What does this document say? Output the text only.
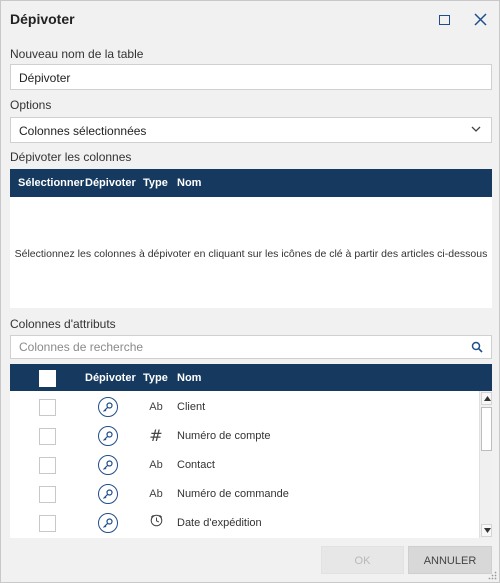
Dépivoter
Nouveau nom de la table
Dépivoter
Options
Colonnes sélectionnées
Dépivoter les colonnes
Sélectionner Dépivoter Type Nom
Sélectionnez les colonnes à dépivoter en cliquant sur les icônes de clé à partir des articles ci-dessous
Colonnes d'attributs
Colonnes de recherche
Dépivoter Type Nom
Ab Client
# Numéro de compte
Ab Contact
Ab Numéro de commande
Date d'expédition
OK	ANNULER
